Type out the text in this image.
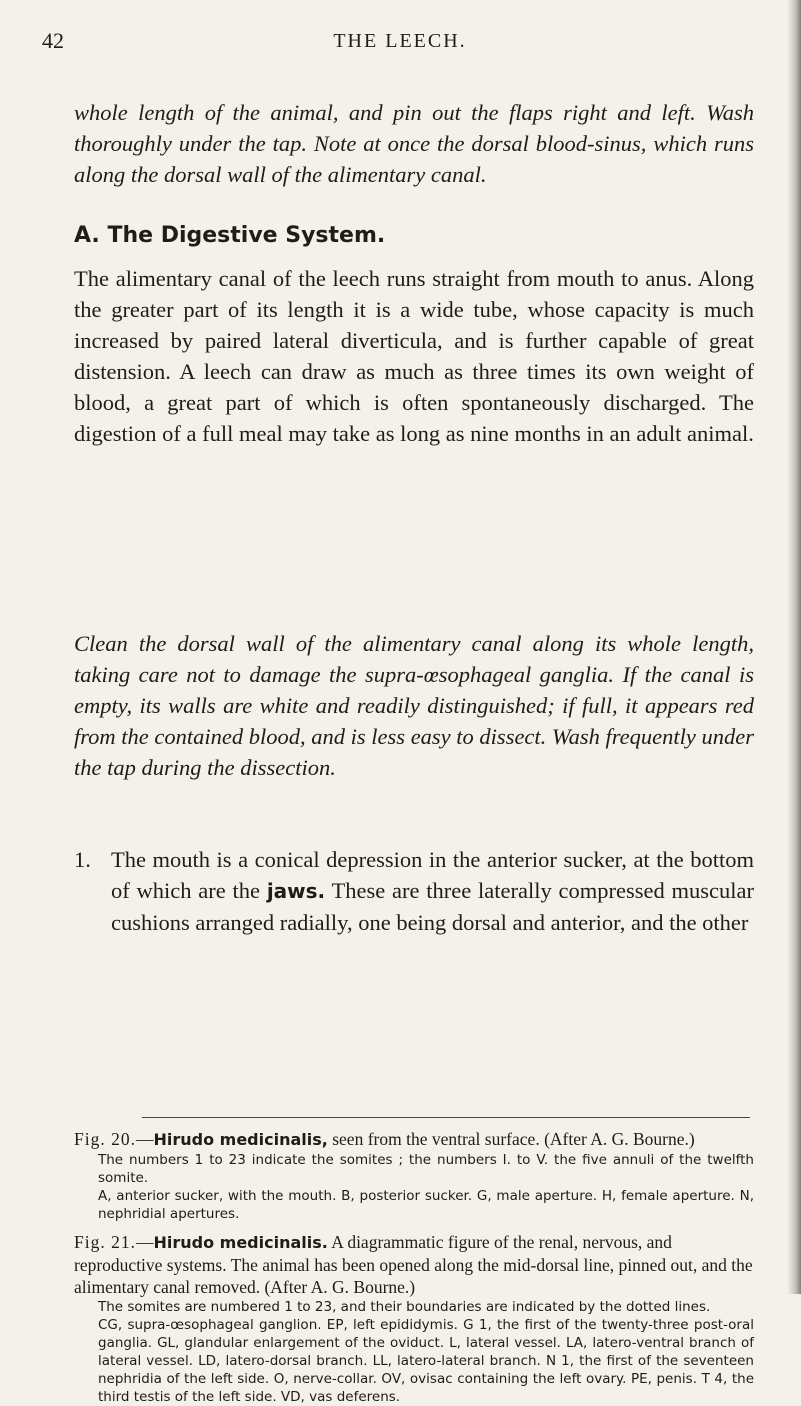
42	THE LEECH.
whole length of the animal, and pin out the flaps right and left. Wash thoroughly under the tap. Note at once the dorsal blood-sinus, which runs along the dorsal wall of the alimentary canal.
A. The Digestive System.
The alimentary canal of the leech runs straight from mouth to anus. Along the greater part of its length it is a wide tube, whose capacity is much increased by paired lateral diverticula, and is further capable of great distension. A leech can draw as much as three times its own weight of blood, a great part of which is often spontaneously discharged. The digestion of a full meal may take as long as nine months in an adult animal.
Clean the dorsal wall of the alimentary canal along its whole length, taking care not to damage the supra-œsophageal ganglia. If the canal is empty, its walls are white and readily distinguished; if full, it appears red from the contained blood, and is less easy to dissect. Wash frequently under the tap during the dissection.
1. The mouth is a conical depression in the anterior sucker, at the bottom of which are the jaws. These are three laterally compressed muscular cushions arranged radially, one being dorsal and anterior, and the other
Fig. 20.—Hirudo medicinalis, seen from the ventral surface. (After A. G. Bourne.)
The numbers 1 to 23 indicate the somites ; the numbers I. to V. the five annuli of the twelfth somite.
A, anterior sucker, with the mouth. B, posterior sucker. G, male aperture. H, female aperture. N, nephridial apertures.
Fig. 21.—Hirudo medicinalis. A diagrammatic figure of the renal, nervous, and reproductive systems. The animal has been opened along the mid-dorsal line, pinned out, and the alimentary canal removed. (After A. G. Bourne.)
The somites are numbered 1 to 23, and their boundaries are indicated by the dotted lines.
CG, supra-œsophageal ganglion. EP, left epididymis. G 1, the first of the twenty-three post-oral ganglia. GL, glandular enlargement of the oviduct. L, lateral vessel. LA, latero-ventral branch of lateral vessel. LD, latero-dorsal branch. LL, latero-lateral branch. N 1, the first of the seventeen nephridia of the left side. O, nerve-collar. OV, ovisac containing the left ovary. PE, penis. T 4, the third testis of the left side. VD, vas deferens.
